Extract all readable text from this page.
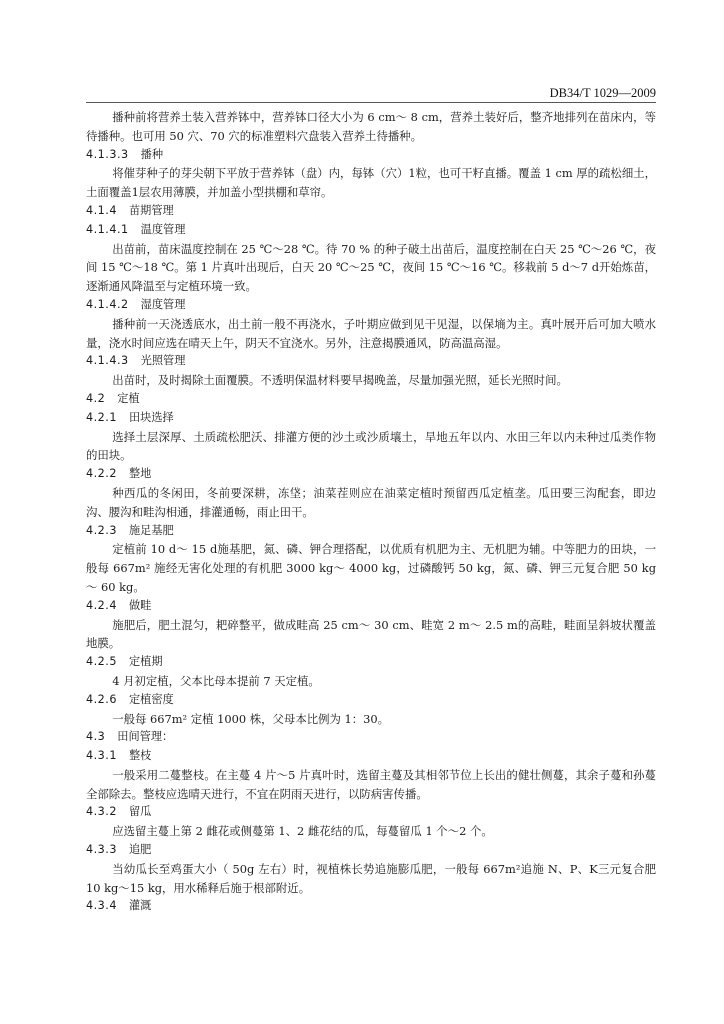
DB34/T 1029—2009

播种前将营养土装入营养钵中，营养钵口径大小为 6 cm～ 8 cm，营养土装好后，整齐地排列在苗床内，等待播种。也可用 50 穴、70 穴的标准塑料穴盘装入营养土待播种。

4.1.3.3 播种

将催芽种子的芽尖朝下平放于营养钵（盘）内，每钵（穴）1粒，也可干籽直播。覆盖 1 cm 厚的疏松细土，土面覆盖1层农用薄膜，并加盖小型拱棚和草帘。

4.1.4 苗期管理
4.1.4.1 温度管理

出苗前，苗床温度控制在 25 ℃～28 ℃。待 70 % 的种子破土出苗后，温度控制在白天 25 ℃～26 ℃，夜间 15 ℃～18 ℃。第 1 片真叶出现后，白天 20 ℃～25 ℃，夜间 15 ℃～16 ℃。移栽前 5 d～7 d开始炼苗，逐渐通风降温至与定植环境一致。

4.1.4.2 湿度管理

播种前一天浇透底水，出土前一般不再浇水，子叶期应做到见干见湿，以保墒为主。真叶展开后可加大喷水量，浇水时间应选在晴天上午，阴天不宜浇水。另外，注意揭膜通风，防高温高湿。

4.1.4.3 光照管理

出苗时，及时揭除土面覆膜。不透明保温材料要早揭晚盖，尽量加强光照，延长光照时间。

4.2 定植
4.2.1 田块选择

选择土层深厚、土质疏松肥沃、排灌方便的沙土或沙质壤土，旱地五年以内、水田三年以内未种过瓜类作物的田块。

4.2.2 整地

种西瓜的冬闲田，冬前要深耕，冻垡；油菜茬则应在油菜定植时预留西瓜定植垄。瓜田要三沟配套，即边沟、腰沟和畦沟相通，排灌通畅，雨止田干。

4.2.3 施足基肥

定植前 10 d～ 15 d施基肥，氮、磷、钾合理搭配，以优质有机肥为主、无机肥为辅。中等肥力的田块，一般每 667m² 施经无害化处理的有机肥 3000 kg～ 4000 kg，过磷酸钙 50 kg，氮、磷、钾三元复合肥 50 kg～ 60 kg。

4.2.4 做畦

施肥后，肥土混匀，耙碎整平，做成畦高 25 cm～ 30 cm、畦宽 2 m～ 2.5 m的高畦，畦面呈斜坡状覆盖地膜。

4.2.5 定植期

4 月初定植，父本比母本提前 7 天定植。

4.2.6 定植密度

一般每 667m² 定植 1000 株，父母本比例为 1：30。

4.3 田间管理：
4.3.1 整枝

一般采用二蔓整枝。在主蔓 4 片～5 片真叶时，选留主蔓及其相邻节位上长出的健壮侧蔓，其余子蔓和孙蔓全部除去。整枝应选晴天进行，不宜在阴雨天进行，以防病害传播。

4.3.2 留瓜

应选留主蔓上第 2 雌花或侧蔓第 1、2 雌花结的瓜，每蔓留瓜 1 个～2 个。

4.3.3 追肥

当幼瓜长至鸡蛋大小（ 50g 左右）时，视植株长势追施膨瓜肥，一般每 667m²追施 N、P、K三元复合肥 10 kg～15 kg，用水稀释后施于根部附近。

4.3.4 灌溉
